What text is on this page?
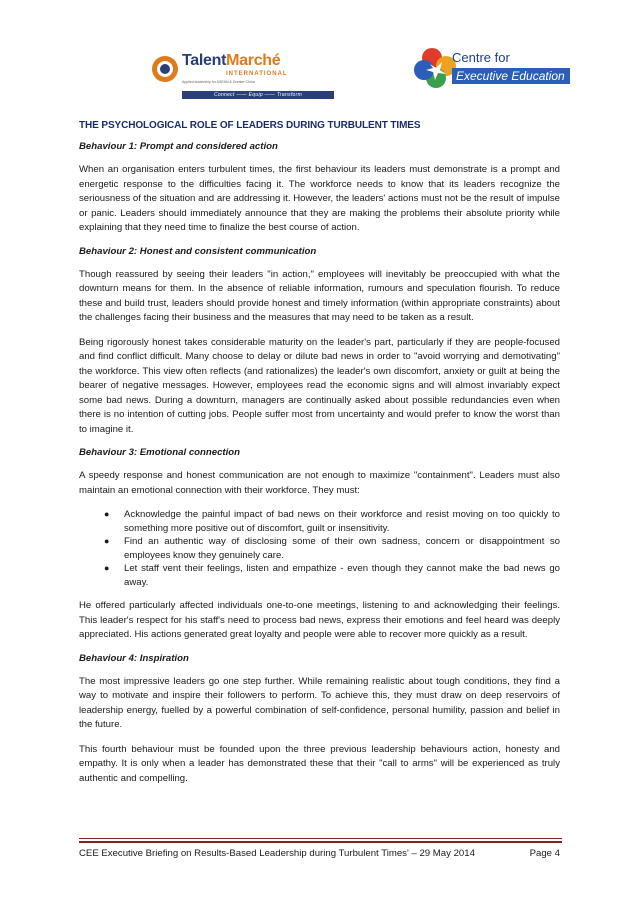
TalentMarché
INTERNATIONAL
Applied leadership for ASEAN & Greater China
Connect —— Equip —— Transform
Centre for
Executive Education
THE PSYCHOLOGICAL ROLE OF LEADERS DURING TURBULENT TIMES
Behaviour 1: Prompt and considered action

When an organisation enters turbulent times, the first behaviour its leaders must demonstrate is a prompt and energetic response to the difficulties facing it. The workforce needs to know that its leaders recognize the seriousness of the situation and are addressing it. However, the leaders' actions must not be the result of impulse or panic. Leaders should immediately announce that they are making the problems their absolute priority while explaining that they need time to finalize the best course of action.

Behaviour 2: Honest and consistent communication

Though reassured by seeing their leaders "in action," employees will inevitably be preoccupied with what the downturn means for them. In the absence of reliable information, rumours and speculation flourish. To reduce these and build trust, leaders should provide honest and timely information (within appropriate constraints) about the challenges facing their business and the measures that may need to be taken as a result.

Being rigorously honest takes considerable maturity on the leader's part, particularly if they are people-focused and find conflict difficult. Many choose to delay or dilute bad news in order to "avoid worrying and demotivating" the workforce. This view often reflects (and rationalizes) the leader's own discomfort, anxiety or guilt at being the bearer of negative messages. However, employees read the economic signs and will almost invariably expect some bad news. During a downturn, managers are continually asked about possible redundancies even when there is no intention of cutting jobs. People suffer most from uncertainty and would prefer to know the worst than to imagine it.

Behaviour 3: Emotional connection

A speedy response and honest communication are not enough to maximize "containment". Leaders must also maintain an emotional connection with their workforce. They must:

● Acknowledge the painful impact of bad news on their workforce and resist moving on too quickly to something more positive out of discomfort, guilt or insensitivity.
● Find an authentic way of disclosing some of their own sadness, concern or disappointment so employees know they genuinely care.
● Let staff vent their feelings, listen and empathize - even though they cannot make the bad news go away.

He offered particularly affected individuals one-to-one meetings, listening to and acknowledging their feelings. This leader's respect for his staff's need to process bad news, express their emotions and feel heard was deeply appreciated. His actions generated great loyalty and people were able to recover more quickly as a result.

Behaviour 4: Inspiration

The most impressive leaders go one step further. While remaining realistic about tough conditions, they find a way to motivate and inspire their followers to perform. To achieve this, they must draw on deep reservoirs of leadership energy, fuelled by a powerful combination of self-confidence, personal humility, passion and belief in the future.

This fourth behaviour must be founded upon the three previous leadership behaviours action, honesty and empathy. It is only when a leader has demonstrated these that their "call to arms" will be experienced as truly authentic and compelling.

CEE Executive Briefing on Results-Based Leadership during Turbulent Times' – 29 May 2014	Page 4
